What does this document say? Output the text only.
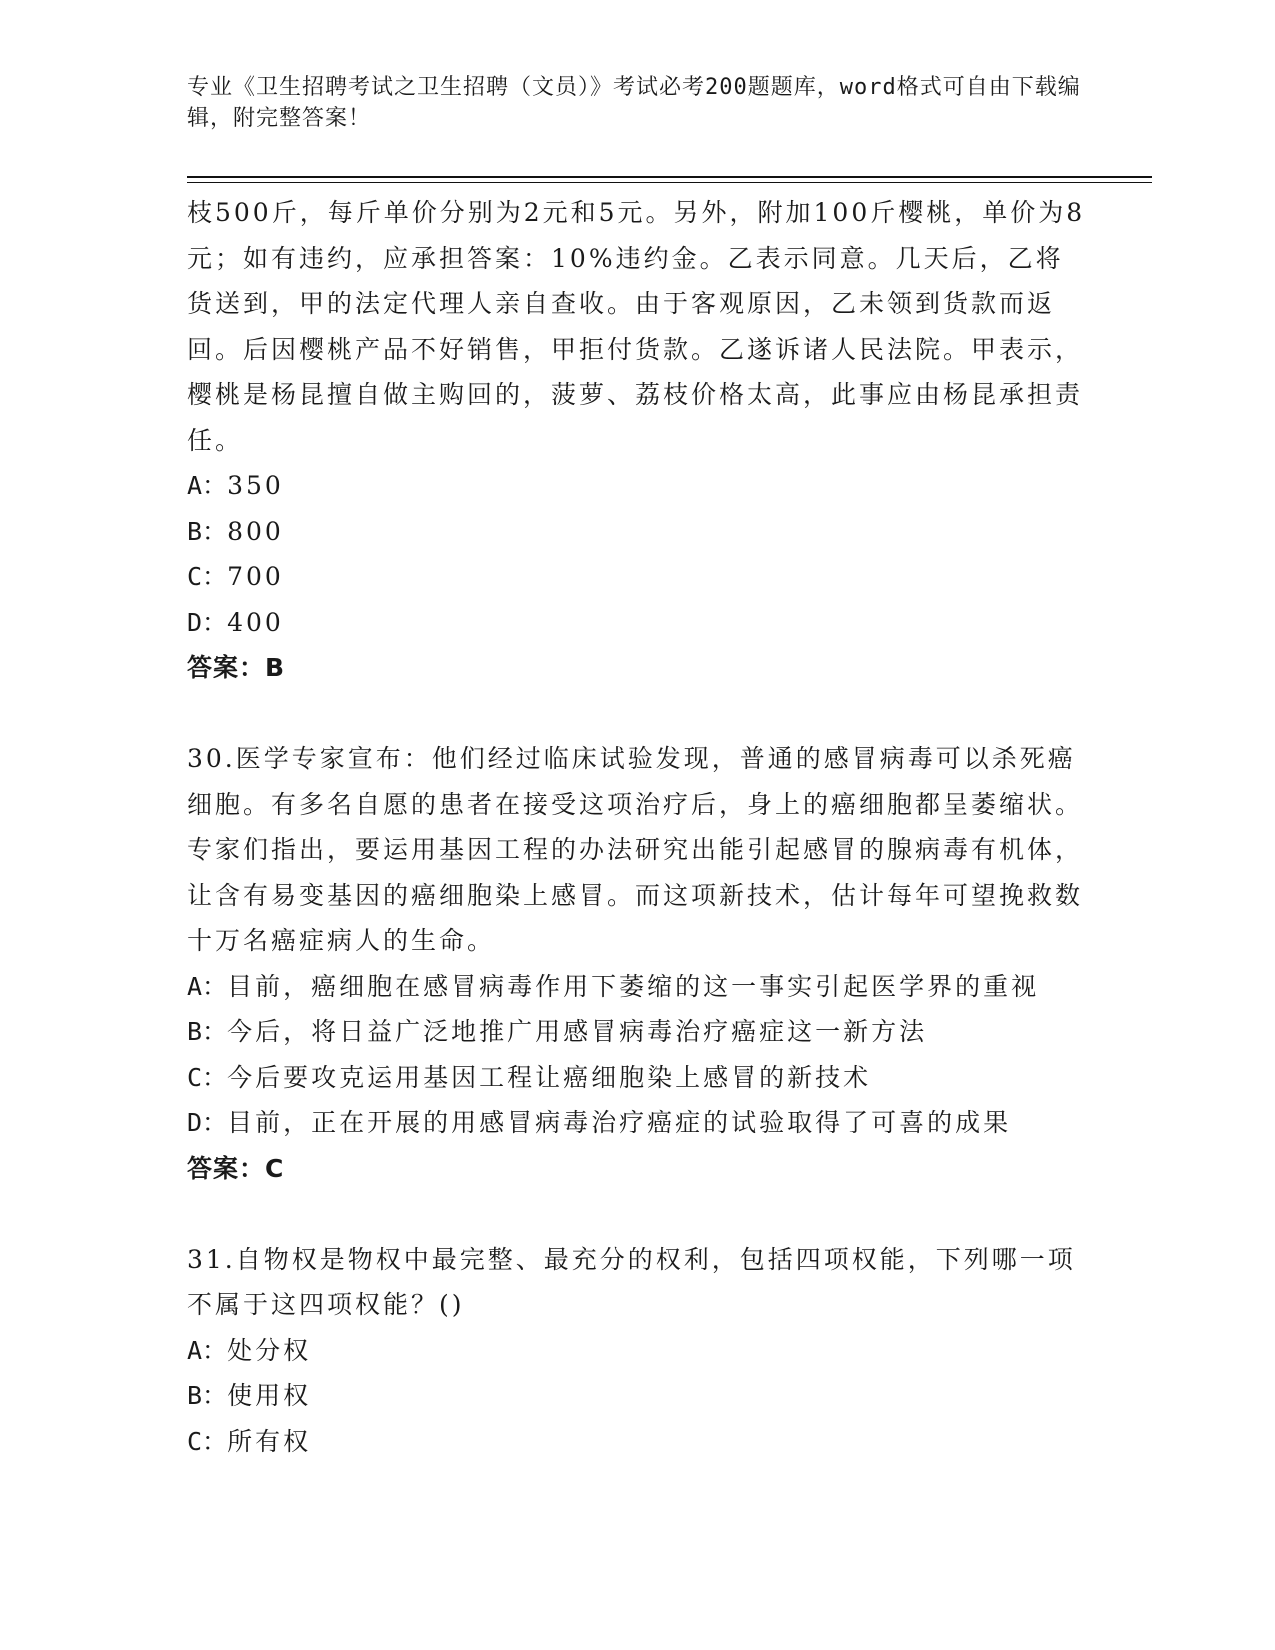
专业《卫生招聘考试之卫生招聘（文员）》考试必考200题题库，word格式可自由下载编辑，附完整答案！

枝500斤，每斤单价分别为2元和5元。另外，附加100斤樱桃，单价为8元；如有违约，应承担答案：10%违约金。乙表示同意。几天后，乙将货送到，甲的法定代理人亲自查收。由于客观原因，乙未领到货款而返回。后因樱桃产品不好销售，甲拒付货款。乙遂诉诸人民法院。甲表示，樱桃是杨昆擅自做主购回的，菠萝、荔枝价格太高，此事应由杨昆承担责任。

A：350

B：800

C：700

D：400

答案：B

30.医学专家宣布：他们经过临床试验发现，普通的感冒病毒可以杀死癌细胞。有多名自愿的患者在接受这项治疗后，身上的癌细胞都呈萎缩状。专家们指出，要运用基因工程的办法研究出能引起感冒的腺病毒有机体，让含有易变基因的癌细胞染上感冒。而这项新技术，估计每年可望挽救数十万名癌症病人的生命。

A：目前，癌细胞在感冒病毒作用下萎缩的这一事实引起医学界的重视

B：今后，将日益广泛地推广用感冒病毒治疗癌症这一新方法

C：今后要攻克运用基因工程让癌细胞染上感冒的新技术

D：目前，正在开展的用感冒病毒治疗癌症的试验取得了可喜的成果

答案：C

31.自物权是物权中最完整、最充分的权利，包括四项权能，下列哪一项不属于这四项权能？()

A：处分权

B：使用权

C：所有权
